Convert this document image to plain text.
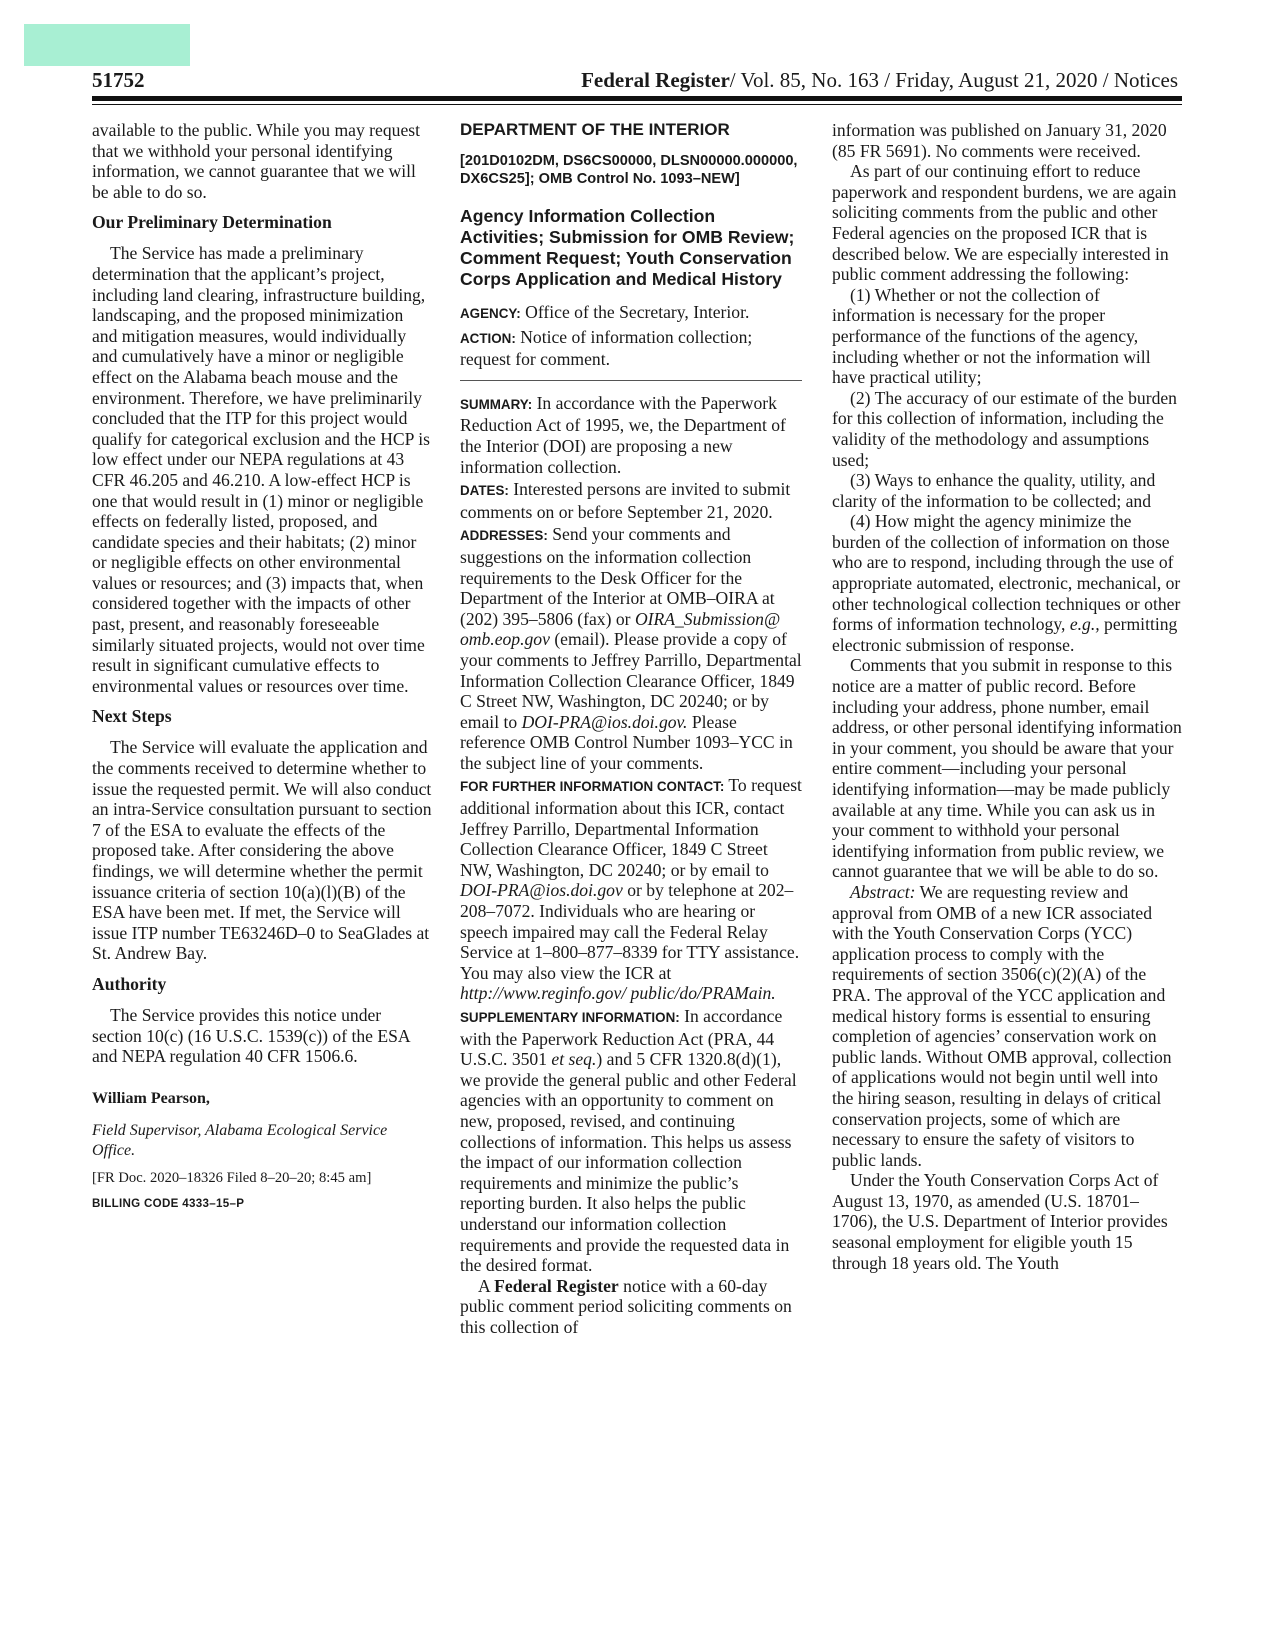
51752	Federal Register/ Vol. 85, No. 163 / Friday, August 21, 2020 / Notices

available to the public. While you may request that we withhold your personal identifying information, we cannot guarantee that we will be able to do so.

Our Preliminary Determination

The Service has made a preliminary determination that the applicant’s project, including land clearing, infrastructure building, landscaping, and the proposed minimization and mitigation measures, would individually and cumulatively have a minor or negligible effect on the Alabama beach mouse and the environment. Therefore, we have preliminarily concluded that the ITP for this project would qualify for categorical exclusion and the HCP is low effect under our NEPA regulations at 43 CFR 46.205 and 46.210. A low-effect HCP is one that would result in (1) minor or negligible effects on federally listed, proposed, and candidate species and their habitats; (2) minor or negligible effects on other environmental values or resources; and (3) impacts that, when considered together with the impacts of other past, present, and reasonably foreseeable similarly situated projects, would not over time result in significant cumulative effects to environmental values or resources over time.

Next Steps

The Service will evaluate the application and the comments received to determine whether to issue the requested permit. We will also conduct an intra-Service consultation pursuant to section 7 of the ESA to evaluate the effects of the proposed take. After considering the above findings, we will determine whether the permit issuance criteria of section 10(a)(l)(B) of the ESA have been met. If met, the Service will issue ITP number TE63246D–0 to SeaGlades at St. Andrew Bay.

Authority

The Service provides this notice under section 10(c) (16 U.S.C. 1539(c)) of the ESA and NEPA regulation 40 CFR 1506.6.

William Pearson,
Field Supervisor, Alabama Ecological Service Office.
[FR Doc. 2020–18326 Filed 8–20–20; 8:45 am]
BILLING CODE 4333–15–P
DEPARTMENT OF THE INTERIOR
[201D0102DM, DS6CS00000, DLSN00000.000000, DX6CS25]; OMB Control No. 1093–NEW]
Agency Information Collection Activities; Submission for OMB Review; Comment Request; Youth Conservation Corps Application and Medical History

AGENCY: Office of the Secretary, Interior.

ACTION: Notice of information collection; request for comment.

SUMMARY: In accordance with the Paperwork Reduction Act of 1995, we, the Department of the Interior (DOI) are proposing a new information collection.

DATES: Interested persons are invited to submit comments on or before September 21, 2020.

ADDRESSES: Send your comments and suggestions on the information collection requirements to the Desk Officer for the Department of the Interior at OMB–OIRA at (202) 395–5806 (fax) or OIRA_Submission@ omb.eop.gov (email). Please provide a copy of your comments to Jeffrey Parrillo, Departmental Information Collection Clearance Officer, 1849 C Street NW, Washington, DC 20240; or by email to DOI-PRA@ios.doi.gov. Please reference OMB Control Number 1093–YCC in the subject line of your comments.

FOR FURTHER INFORMATION CONTACT: To request additional information about this ICR, contact Jeffrey Parrillo, Departmental Information Collection Clearance Officer, 1849 C Street NW, Washington, DC 20240; or by email to DOI-PRA@ios.doi.gov or by telephone at 202–208–7072. Individuals who are hearing or speech impaired may call the Federal Relay Service at 1–800–877–8339 for TTY assistance. You may also view the ICR at http://www.reginfo.gov/ public/do/PRAMain.

SUPPLEMENTARY INFORMATION: In accordance with the Paperwork Reduction Act (PRA, 44 U.S.C. 3501 et seq.) and 5 CFR 1320.8(d)(1), we provide the general public and other Federal agencies with an opportunity to comment on new, proposed, revised, and continuing collections of information. This helps us assess the impact of our information collection requirements and minimize the public’s reporting burden. It also helps the public understand our information collection requirements and provide the requested data in the desired format.

A Federal Register notice with a 60-day public comment period soliciting comments on this collection of

information was published on January 31, 2020 (85 FR 5691). No comments were received.

As part of our continuing effort to reduce paperwork and respondent burdens, we are again soliciting comments from the public and other Federal agencies on the proposed ICR that is described below. We are especially interested in public comment addressing the following:

(1) Whether or not the collection of information is necessary for the proper performance of the functions of the agency, including whether or not the information will have practical utility;

(2) The accuracy of our estimate of the burden for this collection of information, including the validity of the methodology and assumptions used;

(3) Ways to enhance the quality, utility, and clarity of the information to be collected; and

(4) How might the agency minimize the burden of the collection of information on those who are to respond, including through the use of appropriate automated, electronic, mechanical, or other technological collection techniques or other forms of information technology, e.g., permitting electronic submission of response.

Comments that you submit in response to this notice are a matter of public record. Before including your address, phone number, email address, or other personal identifying information in your comment, you should be aware that your entire comment—including your personal identifying information—may be made publicly available at any time. While you can ask us in your comment to withhold your personal identifying information from public review, we cannot guarantee that we will be able to do so.

Abstract: We are requesting review and approval from OMB of a new ICR associated with the Youth Conservation Corps (YCC) application process to comply with the requirements of section 3506(c)(2)(A) of the PRA. The approval of the YCC application and medical history forms is essential to ensuring completion of agencies’ conservation work on public lands. Without OMB approval, collection of applications would not begin until well into the hiring season, resulting in delays of critical conservation projects, some of which are necessary to ensure the safety of visitors to public lands.

Under the Youth Conservation Corps Act of August 13, 1970, as amended (U.S. 18701–1706), the U.S. Department of Interior provides seasonal employment for eligible youth 15 through 18 years old. The Youth
